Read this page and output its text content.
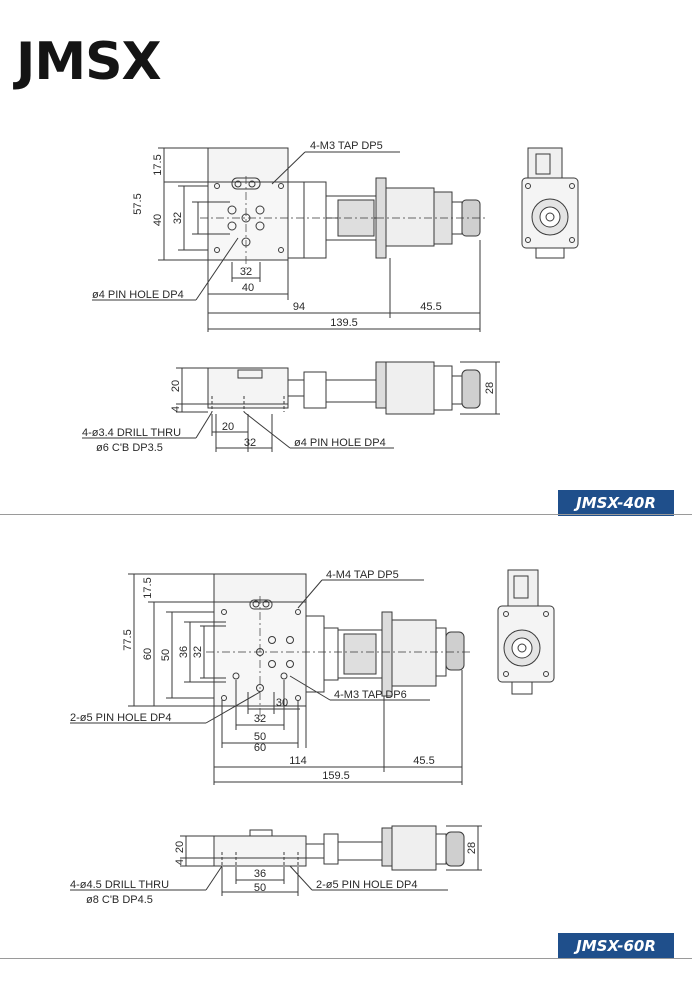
JMSX
4-M3 TAP DP5
ø4 PIN HOLE DP4
17.5
57.5
40 32
32
40
94	45.5
139.5
4-ø3.4 DRILL THRU
ø6 C'B DP3.5	ø4 PIN HOLE DP4
20
4
20
32
28
4-M4 TAP DP5
4-M3 TAP DP6
2-ø5 PIN HOLE DP4
17.5
77.5
60 50 36 32
30
32
50
60
114	45.5
159.5
4-ø4.5 DRILL THRU
ø8 C'B DP4.5
2-ø5 PIN HOLE DP4
20
4
36
50
28
JMSX-40R
JMSX-60R
